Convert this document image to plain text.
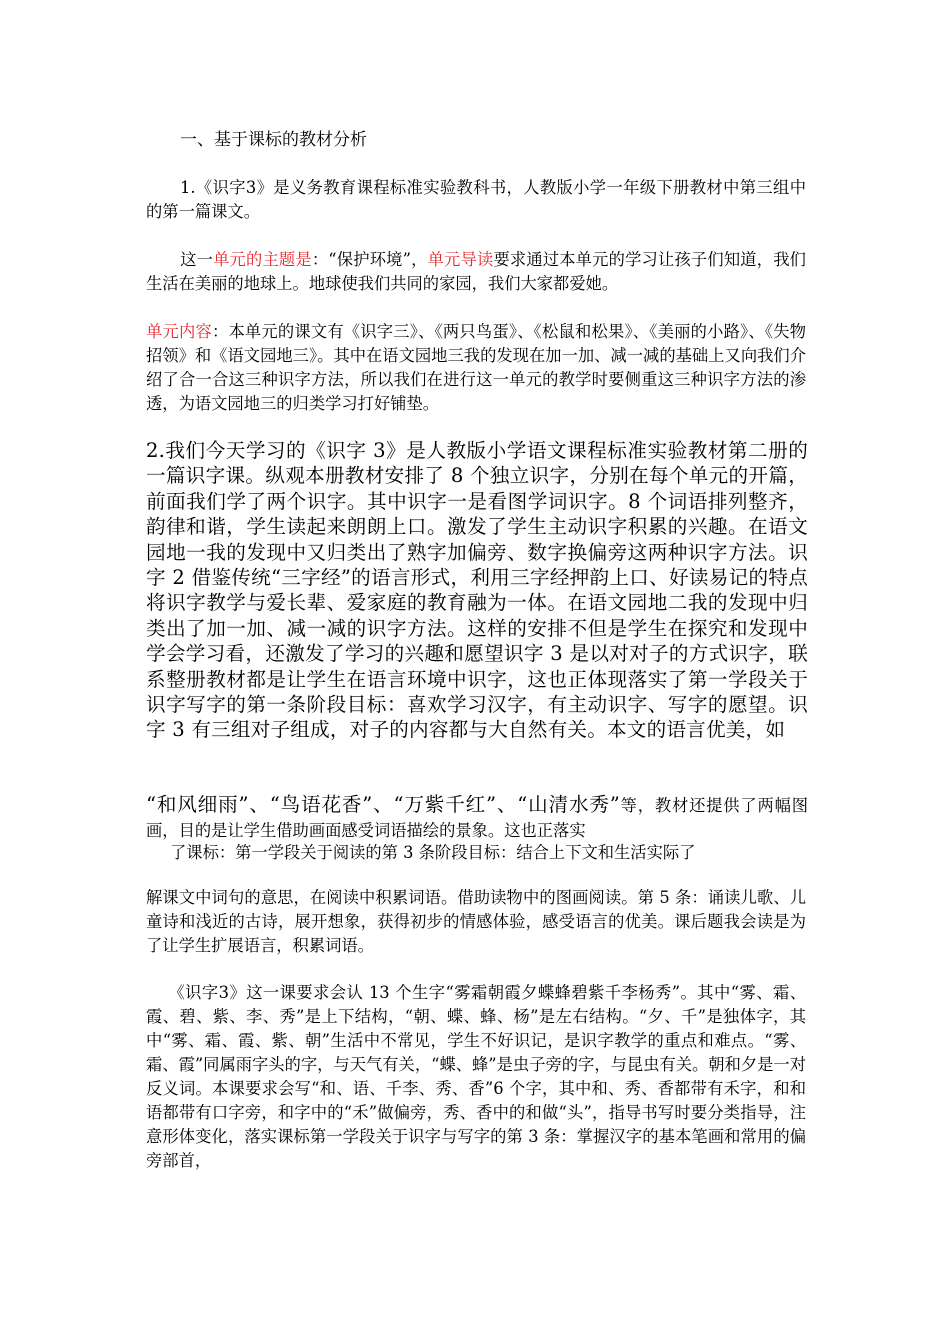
一、基于课标的教材分析

1.《识字3》是义务教育课程标准实验教科书，人教版小学一年级下册教材中第三组中的第一篇课文。

这一单元的主题是：“保护环境”，单元导读要求通过本单元的学习让孩子们知道，我们生活在美丽的地球上。地球使我们共同的家园，我们大家都爱她。

单元内容：本单元的课文有《识字三》、《两只鸟蛋》、《松鼠和松果》、《美丽的小路》、《失物招领》和《语文园地三》。其中在语文园地三我的发现在加一加、减一减的基础上又向我们介绍了合一合这三种识字方法，所以我们在进行这一单元的教学时要侧重这三种识字方法的渗透，为语文园地三的归类学习打好铺垫。

2.我们今天学习的《识字 3》是人教版小学语文课程标准实验教材第二册的一篇识字课。纵观本册教材安排了 8 个独立识字，分别在每个单元的开篇，前面我们学了两个识字。其中识字一是看图学词识字。8 个词语排列整齐，韵律和谐，学生读起来朗朗上口。激发了学生主动识字积累的兴趣。在语文园地一我的发现中又归类出了熟字加偏旁、数字换偏旁这两种识字方法。识字 2 借鉴传统“三字经”的语言形式，利用三字经押韵上口、好读易记的特点将识字教学与爱长辈、爱家庭的教育融为一体。在语文园地二我的发现中归类出了加一加、减一减的识字方法。这样的安排不但是学生在探究和发现中学会学习看，还激发了学习的兴趣和愿望识字 3 是以对对子的方式识字，联系整册教材都是让学生在语言环境中识字，这也正体现落实了第一学段关于识字写字的第一条阶段目标：喜欢学习汉字，有主动识字、写字的愿望。识字 3 有三组对子组成，对子的内容都与大自然有关。本文的语言优美，如

“和风细雨”、“鸟语花香”、“万紫千红”、“山清水秀”等，教材还提供了两幅图画，目的是让学生借助画面感受词语描绘的景象。这也正落实

了课标：第一学段关于阅读的第 3 条阶段目标：结合上下文和生活实际了

解课文中词句的意思，在阅读中积累词语。借助读物中的图画阅读。第 5 条：诵读儿歌、儿童诗和浅近的古诗，展开想象，获得初步的情感体验，感受语言的优美。课后题我会读是为了让学生扩展语言，积累词语。

《识字3》这一课要求会认 13 个生字“雾霜朝霞夕蝶蜂碧紫千李杨秀”。其中“雾、霜、霞、碧、紫、李、秀”是上下结构，“朝、蝶、蜂、杨”是左右结构。“夕、千”是独体字，其中“雾、霜、霞、紫、朝”生活中不常见，学生不好识记，是识字教学的重点和难点。“雾、霜、霞”同属雨字头的字，与天气有关，“蝶、蜂”是虫子旁的字，与昆虫有关。朝和夕是一对反义词。本课要求会写“和、语、千李、秀、香”6 个字，其中和、秀、香都带有禾字，和和语都带有口字旁，和字中的“禾”做偏旁，秀、香中的和做“头”，指导书写时要分类指导，注意形体变化，落实课标第一学段关于识字与写字的第 3 条：掌握汉字的基本笔画和常用的偏旁部首，
